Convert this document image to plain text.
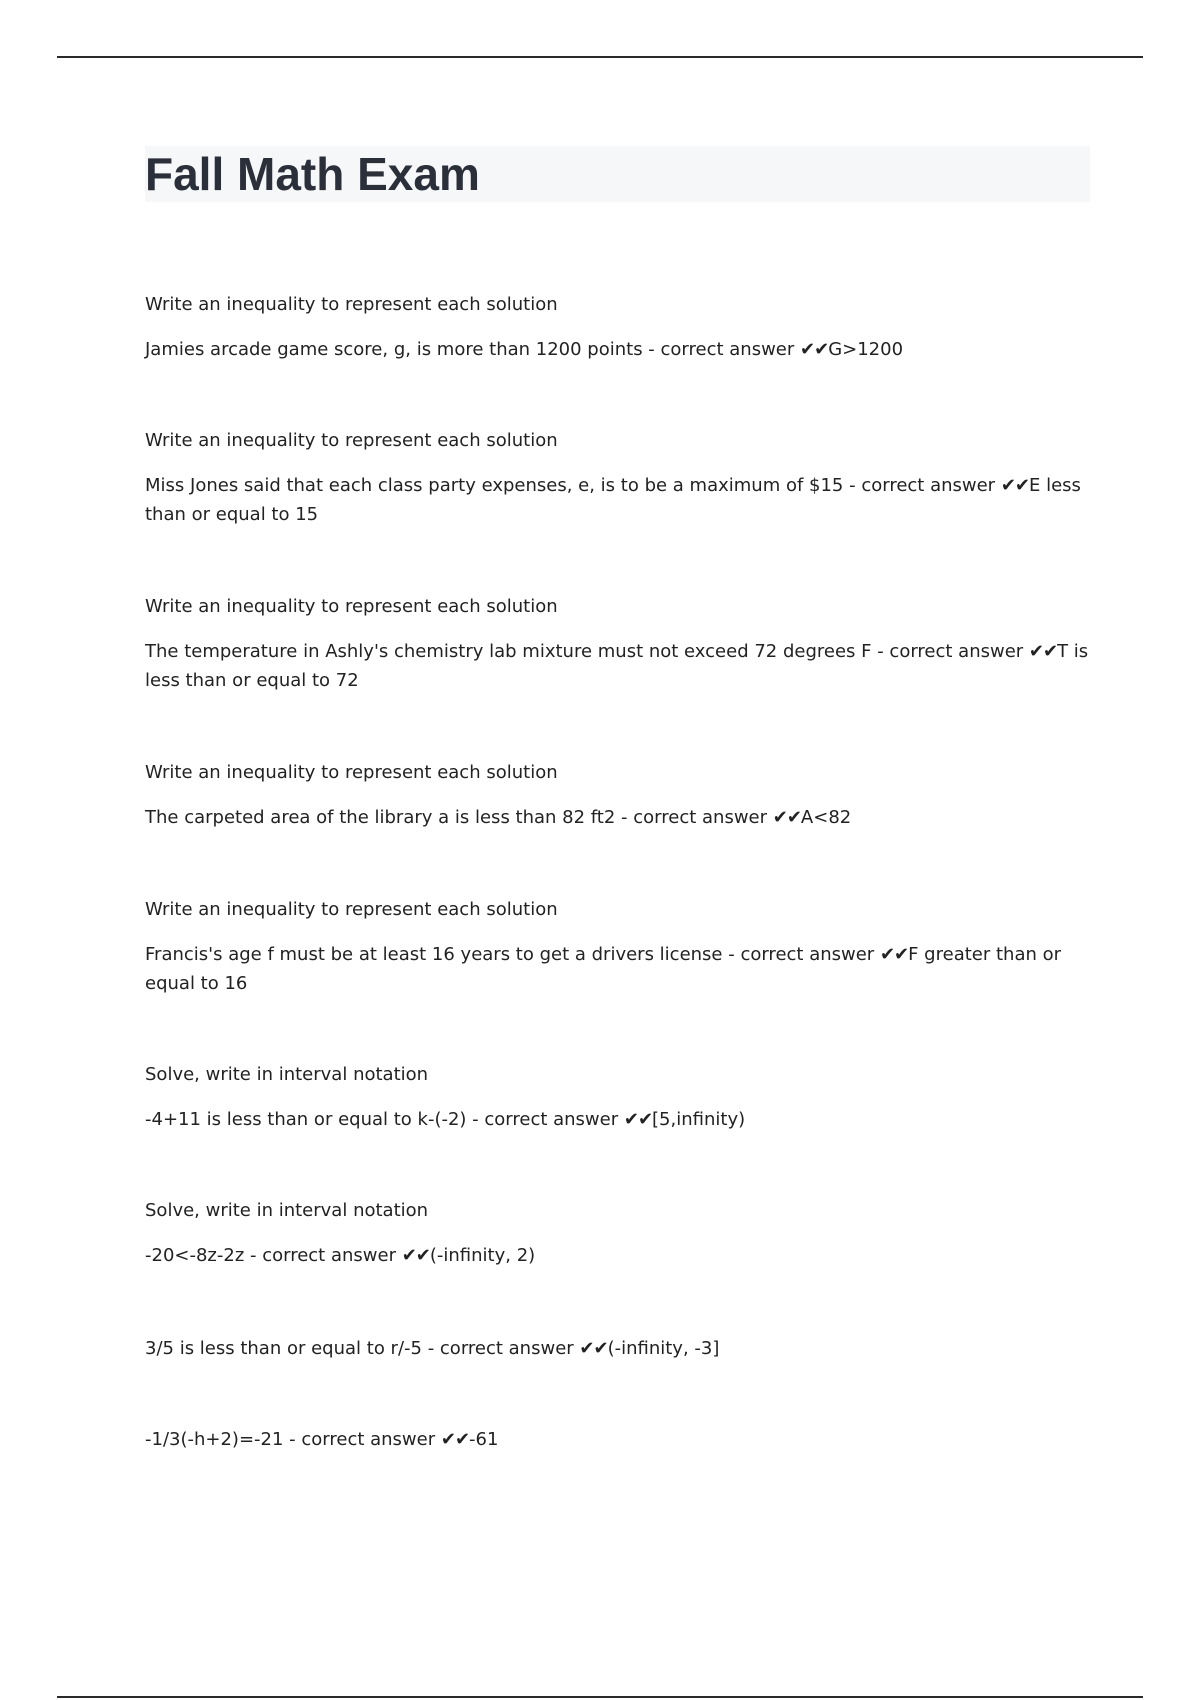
Fall Math Exam

Write an inequality to represent each solution

Jamies arcade game score, g, is more than 1200 points - correct answer ✔✔G>1200

Write an inequality to represent each solution

Miss Jones said that each class party expenses, e, is to be a maximum of $15 - correct answer ✔✔E less than or equal to 15

Write an inequality to represent each solution

The temperature in Ashly's chemistry lab mixture must not exceed 72 degrees F - correct answer ✔✔T is less than or equal to 72

Write an inequality to represent each solution

The carpeted area of the library a is less than 82 ft2 - correct answer ✔✔A<82

Write an inequality to represent each solution

Francis's age f must be at least 16 years to get a drivers license - correct answer ✔✔F greater than or equal to 16

Solve, write in interval notation

-4+11 is less than or equal to k-(-2) - correct answer ✔✔[5,infinity)

Solve, write in interval notation

-20<-8z-2z - correct answer ✔✔(-infinity, 2)

3/5 is less than or equal to r/-5 - correct answer ✔✔(-infinity, -3]

-1/3(-h+2)=-21 - correct answer ✔✔-61
